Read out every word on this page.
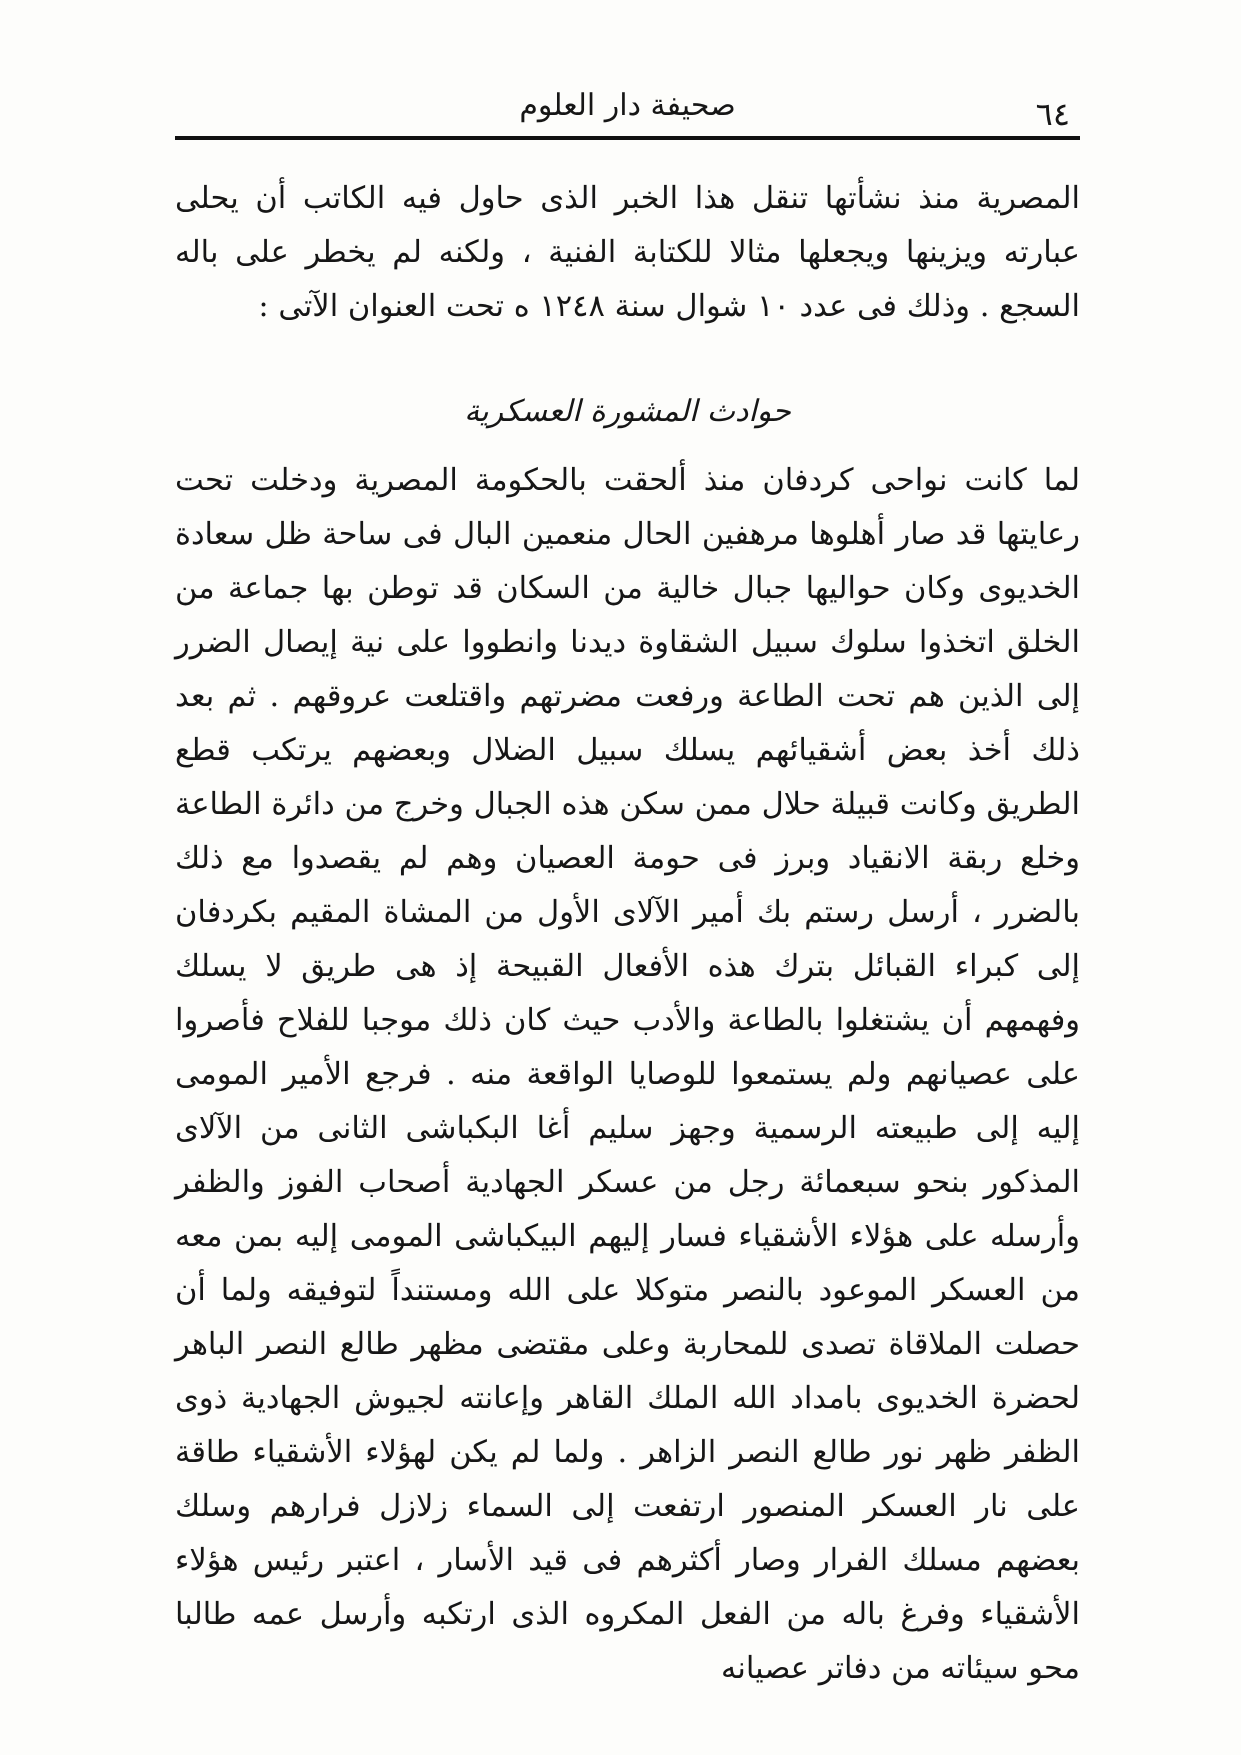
٦٤
صحيفة دار العلوم

المصرية منذ نشأتها تنقل هذا الخبر الذى حاول فيه الكاتب أن يحلى عبارته ويزينها ويجعلها مثالا للكتابة الفنية ، ولكنه لم يخطر على باله السجع . وذلك فى عدد ١٠ شوال سنة ١٢٤٨ ه تحت العنوان الآتى :

حوادث المشورة العسكرية

لما كانت نواحى كردفان منذ ألحقت بالحكومة المصرية ودخلت تحت رعايتها قد صار أهلوها مرهفين الحال منعمين البال فى ساحة ظل سعادة الخديوى وكان حواليها جبال خالية من السكان قد توطن بها جماعة من الخلق اتخذوا سلوك سبيل الشقاوة ديدنا وانطووا على نية إيصال الضرر إلى الذين هم تحت الطاعة ورفعت مضرتهم واقتلعت عروقهم . ثم بعد ذلك أخذ بعض أشقيائهم يسلك سبيل الضلال وبعضهم يرتكب قطع الطريق وكانت قبيلة حلال ممن سكن هذه الجبال وخرج من دائرة الطاعة وخلع ربقة الانقياد وبرز فى حومة العصيان وهم لم يقصدوا مع ذلك بالضرر ، أرسل رستم بك أمير الآلاى الأول من المشاة المقيم بكردفان إلى كبراء القبائل بترك هذه الأفعال القبيحة إذ هى طريق لا يسلك وفهمهم أن يشتغلوا بالطاعة والأدب حيث كان ذلك موجبا للفلاح فأصروا على عصيانهم ولم يستمعوا للوصايا الواقعة منه . فرجع الأمير المومى إليه إلى طبيعته الرسمية وجهز سليم أغا البكباشى الثانى من الآلاى المذكور بنحو سبعمائة رجل من عسكر الجهادية أصحاب الفوز والظفر وأرسله على هؤلاء الأشقياء فسار إليهم البيكباشى المومى إليه بمن معه من العسكر الموعود بالنصر متوكلا على الله ومستنداً لتوفيقه ولما أن حصلت الملاقاة تصدى للمحاربة وعلى مقتضى مظهر طالع النصر الباهر لحضرة الخديوى بامداد الله الملك القاهر وإعانته لجيوش الجهادية ذوى الظفر ظهر نور طالع النصر الزاهر . ولما لم يكن لهؤلاء الأشقياء طاقة على نار العسكر المنصور ارتفعت إلى السماء زلازل فرارهم وسلك بعضهم مسلك الفرار وصار أكثرهم فى قيد الأسار ، اعتبر رئيس هؤلاء الأشقياء وفرغ باله من الفعل المكروه الذى ارتكبه وأرسل عمه طالبا محو سيئاته من دفاتر عصيانه
